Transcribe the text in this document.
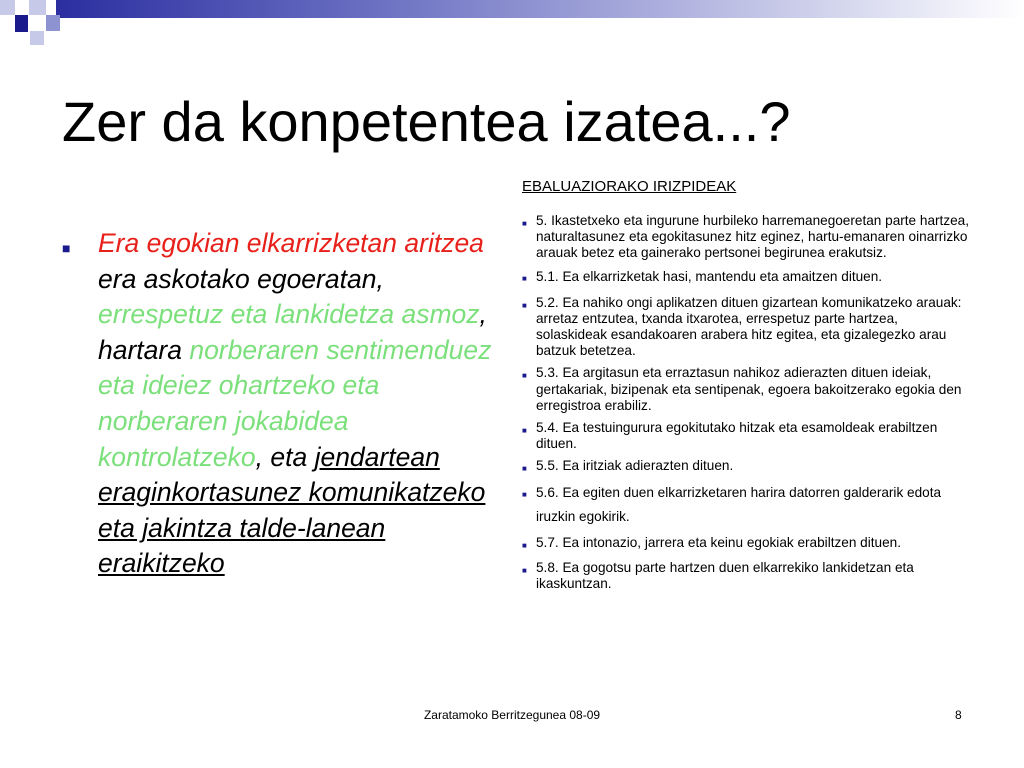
Zer da konpetentea izatea...?
■	Era egokian elkarrizketan aritzea era askotako egoeratan, errespetuz eta lankidetza asmoz, hartara norberaren sentimenduez eta ideiez ohartzeko eta norberaren jokabidea kontrolatzeko, eta jendartean eraginkortasunez komunikatzeko eta jakintza talde-lanean eraikitzeko

EBALUAZIORAKO IRIZPIDEAK

■ 5. Ikastetxeko eta ingurune hurbileko harremanegoeretan parte hartzea, naturaltasunez eta egokitasunez hitz eginez, hartu-emanaren oinarrizko arauak betez eta gainerako pertsonei begirunea erakutsiz.
■ 5.1. Ea elkarrizketak hasi, mantendu eta amaitzen dituen.
■ 5.2. Ea nahiko ongi aplikatzen dituen gizartean komunikatzeko arauak: arretaz entzutea, txanda itxarotea, errespetuz parte hartzea, solaskideak esandakoaren arabera hitz egitea, eta gizalegezko arau batzuk betetzea.
■ 5.3. Ea argitasun eta erraztasun nahikoz adierazten dituen ideiak, gertakariak, bizipenak eta sentipenak, egoera bakoitzerako egokia den erregistroa erabiliz.
■ 5.4. Ea testuingurura egokitutako hitzak eta esamoldeak erabiltzen dituen.
■ 5.5. Ea iritziak adierazten dituen.
■ 5.6. Ea egiten duen elkarrizketaren harira datorren galderarik edota iruzkin egokirik.
■ 5.7. Ea intonazio, jarrera eta keinu egokiak erabiltzen dituen.
■ 5.8. Ea gogotsu parte hartzen duen elkarrekiko lankidetzan eta ikaskuntzan.
Zaratamoko Berritzegunea 08-09	8
